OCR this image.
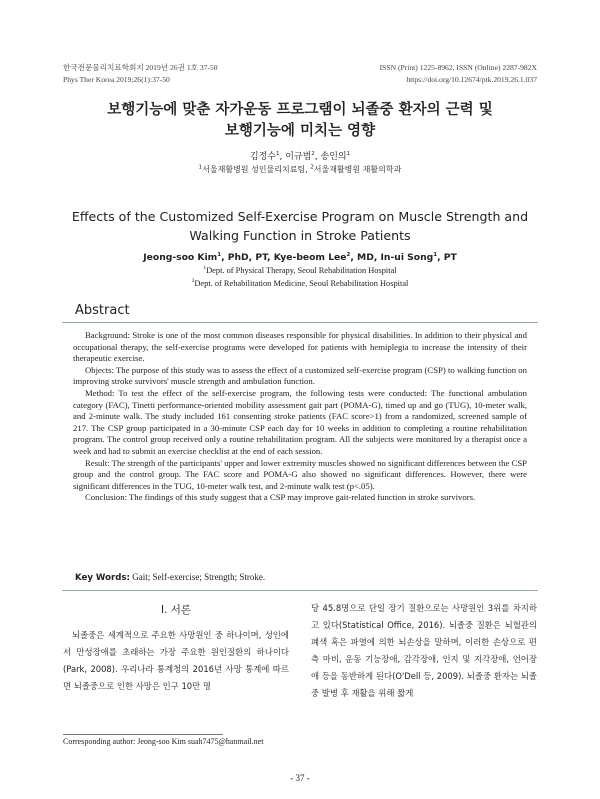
한국전문물리치료학회지 2019년 26권 1호 37-50
Phys Ther Korea 2019;26(1):37-50
ISSN (Print) 1225-8962, ISSN (Online) 2287-982X
https://doi.org/10.12674/ptk.2019.26.1.037
보행기능에 맞춘 자가운동 프로그램이 뇌졸중 환자의 근력 및
보행기능에 미치는 영향
김정수$^1$, 이규범$^2$, 송인의$^1$
$^1$서울재활병원 성인물리치료팀, $^2$서울재활병원 재활의학과
Effects of the Customized Self-Exercise Program on Muscle Strength and
Walking Function in Stroke Patients
Jeong-soo Kim$^1$, PhD, PT, Kye-beom Lee$^2$, MD, In-ui Song$^1$, PT
$^1$Dept. of Physical Therapy, Seoul Rehabilitation Hospital
$^2$Dept. of Rehabilitation Medicine, Seoul Rehabilitation Hospital
Abstract

Background: Stroke is one of the most common diseases responsible for physical disabilities. In addition to their physical and occupational therapy, the self-exercise programs were developed for patients with hemiplegia to increase the intensity of their therapeutic exercise.

Objects: The purpose of this study was to assess the effect of a customized self-exercise program (CSP) to walking function on improving stroke survivors' muscle strength and ambulation function.

Method: To test the effect of the self-exercise program, the following tests were conducted: The functional ambulation category (FAC), Tinetti performance-oriented mobility assessment gait part (POMA-G), timed up and go (TUG), 10-meter walk, and 2-minute walk. The study included 161 consenting stroke patients (FAC score>1) from a randomized, screened sample of 217. The CSP group participated in a 30-minute CSP each day for 10 weeks in addition to completing a routine rehabilitation program. The control group received only a routine rehabilitation program. All the subjects were monitored by a therapist once a week and had to submit an exercise checklist at the end of each session.

Result: The strength of the participants' upper and lower extremity muscles showed no significant differences between the CSP group and the control group. The FAC score and POMA-G also showed no significant differences. However, there were significant differences in the TUG, 10-meter walk test, and 2-minute walk test (p<.05).

Conclusion: The findings of this study suggest that a CSP may improve gait-related function in stroke survivors.

Key Words: Gait; Self-exercise; Strength; Stroke.
Ⅰ. 서론

뇌졸중은 세계적으로 주요한 사망원인 중 하나이며, 성인에서 만성장애를 초래하는 가장 주요한 원인질환의 하나이다(Park, 2008). 우리나라 통계청의 2016년 사망 통계에 따르면 뇌졸중으로 인한 사망은 인구 10만 명

당 45.8명으로 단일 장기 질환으로는 사망원인 3위를 차지하고 있다(Statistical Office, 2016). 뇌졸중 질환은 뇌혈관의 폐색 혹은 파열에 의한 뇌손상을 말하며, 이러한 손상으로 편측 마비, 운동 기능장애, 감각장애, 인지 및 지각장애, 언어장애 등을 동반하게 된다(O'Dell 등, 2009). 뇌졸중 환자는 뇌졸중 발병 후 재활을 위해 짧게

Corresponding author: Jeong-soo Kim suah7475@hanmail.net
- 37 -
